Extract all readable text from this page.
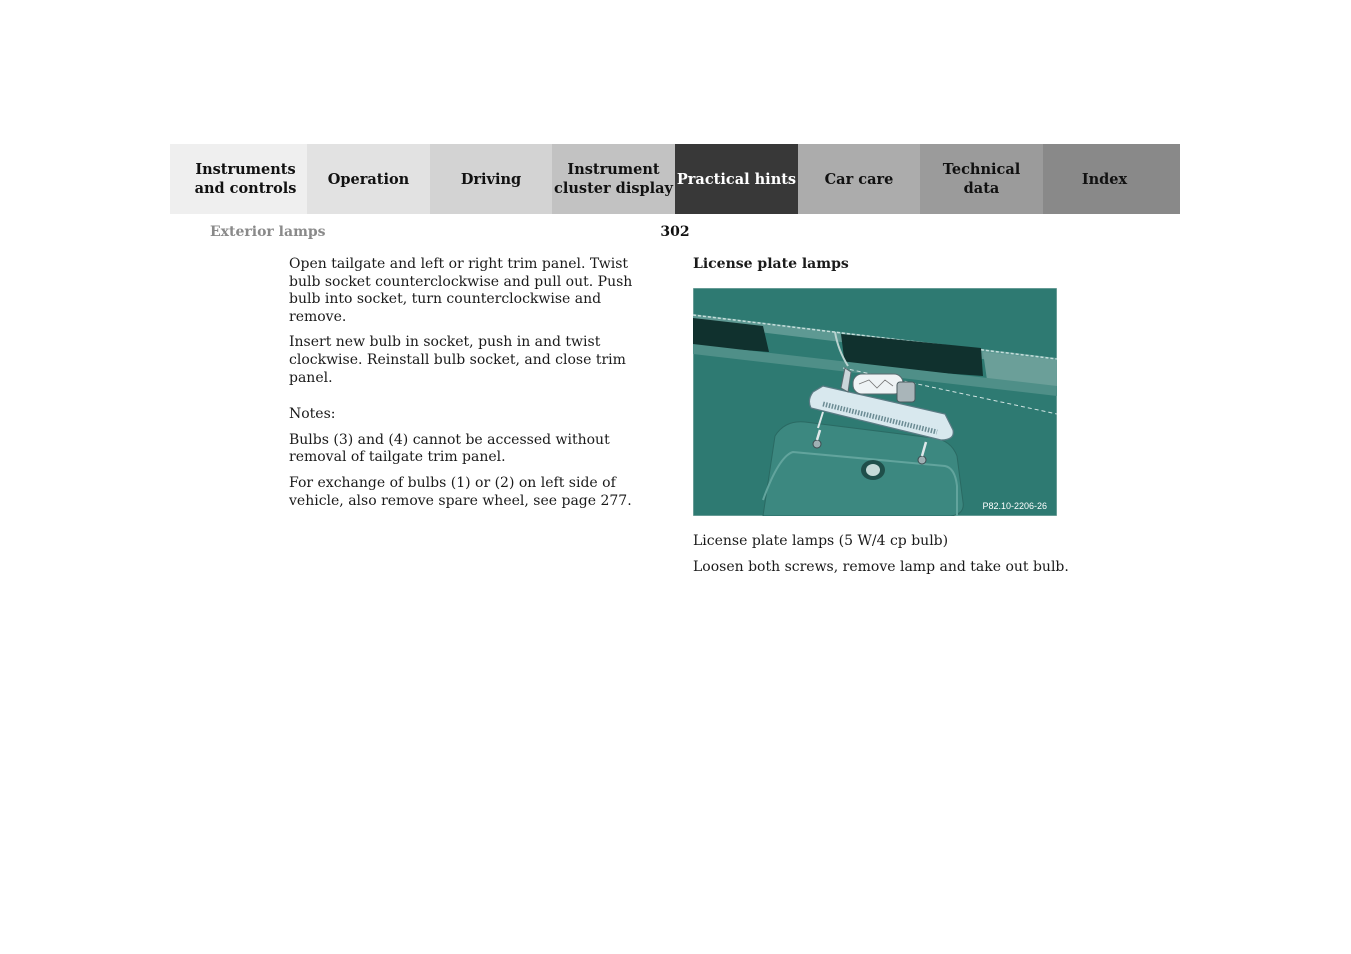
Instruments
and controls
Operation	Driving
Instrument
cluster display
Practical hints Car care
Technical
data
Index
Exterior lamps	302

Open tailgate and left or right trim panel. Twist bulb socket counterclockwise and pull out. Push bulb into socket, turn counterclockwise and remove.

Insert new bulb in socket, push in and twist clockwise. Reinstall bulb socket, and close trim panel.

Notes:

Bulbs (3) and (4) cannot be accessed without removal of tailgate trim panel.

For exchange of bulbs (1) or (2) on left side of vehicle, also remove spare wheel, see page 277.

License plate lamps
P82.10-2206-26

License plate lamps (5 W/4 cp bulb)

Loosen both screws, remove lamp and take out bulb.
